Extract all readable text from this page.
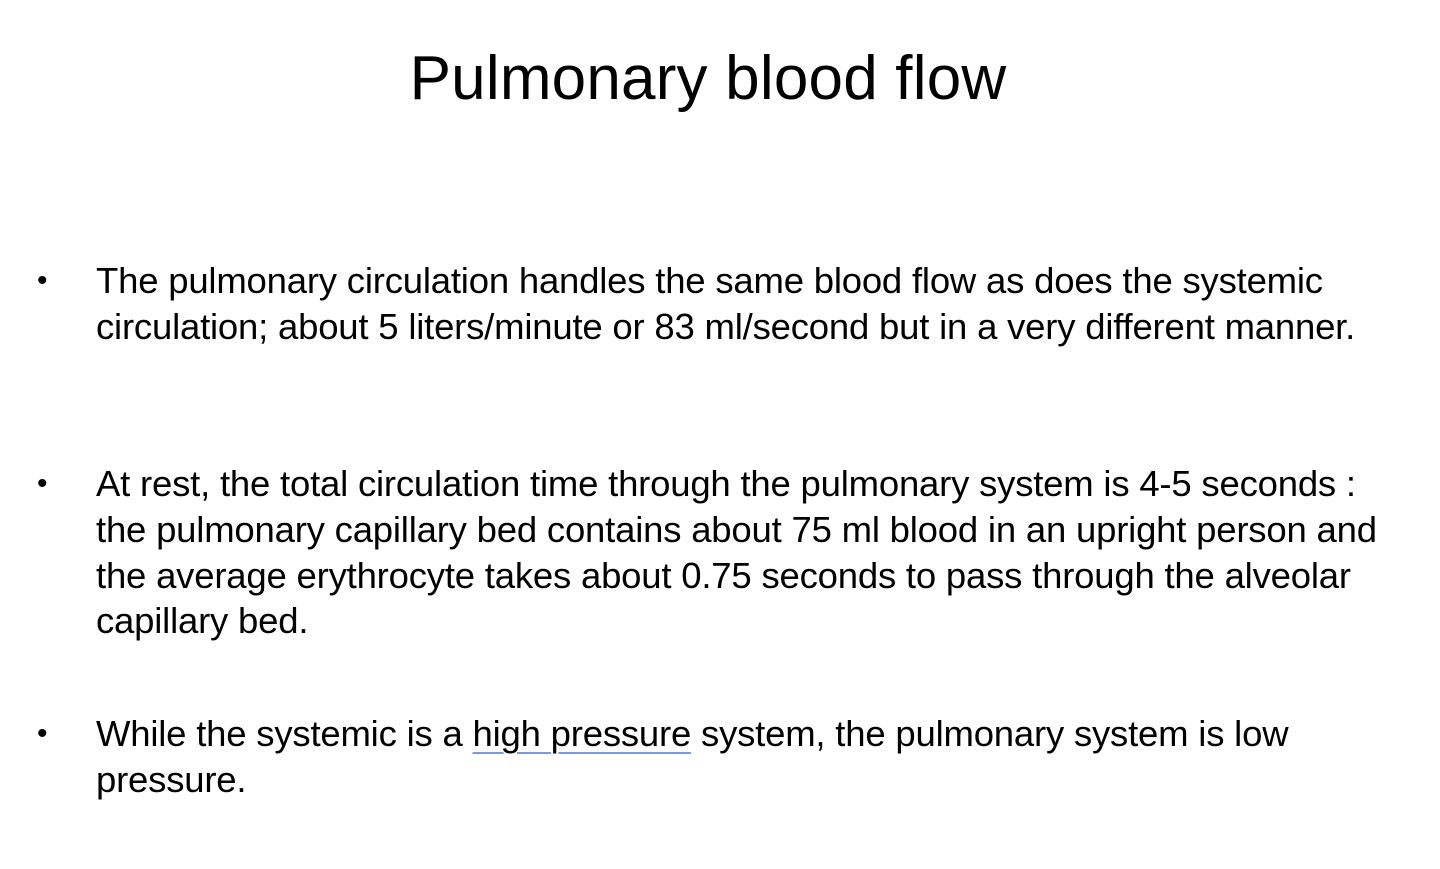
Pulmonary blood flow
• The pulmonary circulation handles the same blood flow as does the systemic circulation; about 5 liters/minute or 83 ml/second but in a very different manner.
• At rest, the total circulation time through the pulmonary system is 4-5 seconds : the pulmonary capillary bed contains about 75 ml blood in an upright person and the average erythrocyte takes about 0.75 seconds to pass through the alveolar capillary bed.
• While the systemic is a high pressure system, the pulmonary system is low pressure.
